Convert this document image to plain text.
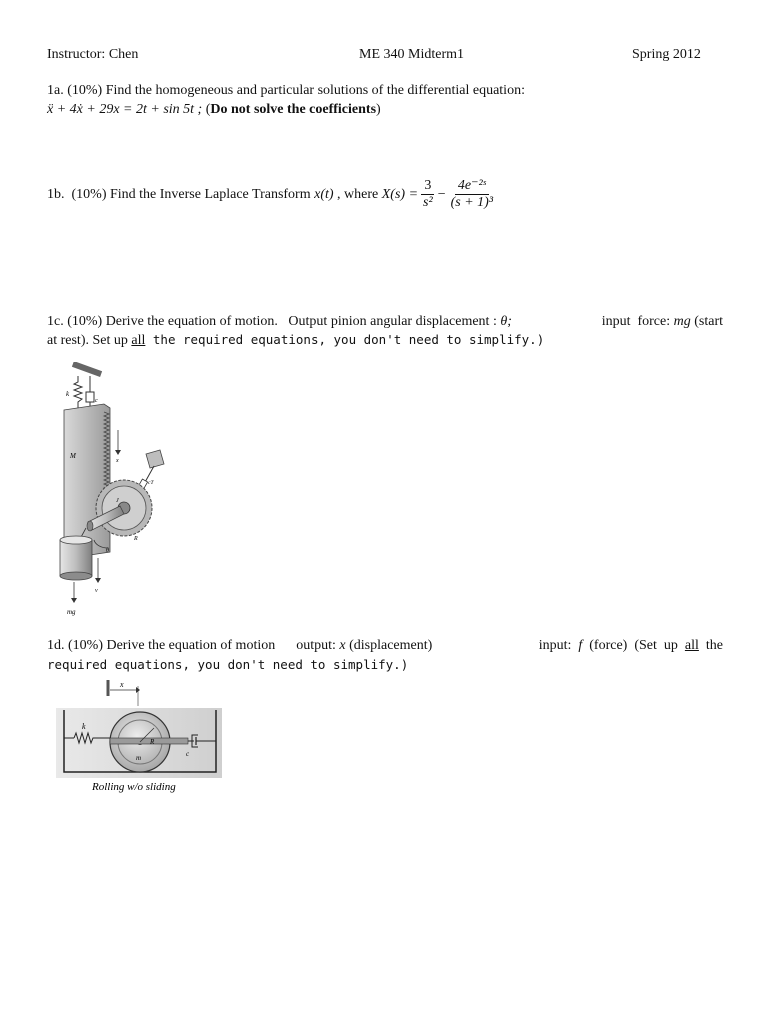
Instructor: Chen	ME 340 Midterm1	Spring 2012
1a. (10%) Find the homogeneous and particular solutions of the differential equation:
ẍ + 4ẋ + 29x = 2t + sin 5t ; (Do not solve the coefficients)
1b.  (10%) Find the Inverse Laplace Transform x(t) , where $X(s) = \frac{3}{\text{s²}} - \frac{\text{4e⁻²ˢ}}{\text{(s + 1)³}}$
1c. (10%) Derive the equation of motion.   Output pinion angular displacement : θ;	input  force: mg (start
at rest). Set up all the required equations, you don't need to simplify.)
k
c
M
x
cT
J
R
θ
v
mg
1d. (10%) Derive the equation of motion      output: x (displacement)	input:  f  (force)  (Set  up  all  the
required equations, you don't need to simplify.)
x
k
R
m	c
Rolling w/o sliding
